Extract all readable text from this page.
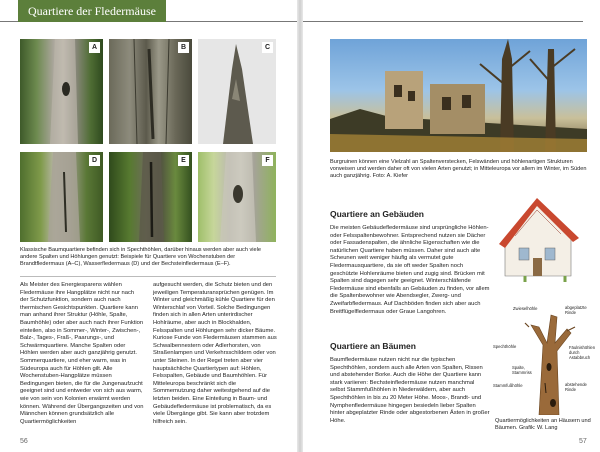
Quartiere der Fledermäuse
A	B	C
D	E	F
Klassische Baumquartiere befinden sich in Spechthöhlen, darüber hinaus werden aber auch viele andere Spalten und Höhlungen genutzt: Beispiele für Quartiere von Wochenstuben der Brandtfledermaus (A–C), Wasserfledermaus (D) und der Bechsteinfledermaus (E–F).
Als Meister des Energiesparens wählen Fledermäuse ihre Hangplätze nicht nur nach der Schutzfunktion, sondern auch nach thermischen Gesichtspunkten. Quartiere kann man anhand ihrer Struktur (Höhle, Spalte, Baumhöhle) oder aber auch nach ihrer Funktion einteilen, also in Sommer-, Winter-, Zwischen-, Balz-, Tages-, Fraß-, Paarungs-, und Schwärmquartiere. Manche Spalten oder Höhlen werden aber auch ganzjährig genutzt. Sommerquartiere, und eher warm, was in Südeuropa auch für Höhlen gilt. Alle Wochenstuben-Hangplätze müssen Bedingungen bieten, die für die Jungenaufzucht geeignet sind und entweder von sich aus warm, wie von sein von Kolonien erwärmt werden können. Während der Übergangszeiten und von Männchen können grundsätzlich alle Quartiermöglichkeiten
aufgesucht werden, die Schutz bieten und den jeweiligen Temperaturansprüchen genügen. Im Winter und gleichmäßig kühle Quartiere für den Winterschlaf von Vorteil. Solche Bedingungen finden sich in allen Arten unterirdischer Hohlräume, aber auch in Blockhalden, Felsspalten und Höhlungen sehr dicker Bäume. Kuriose Funde von Fledermäusen stammen aus Schwalbennestern oder Adlerhorsten, von Straßenlampen und Verkehrsschildern oder von unter Steinen. In der Regel treten aber vier hauptsächliche Quartiertypen auf: Höhlen, Felsspalten, Gebäude und Baumhöhlen. Für Mitteleuropa beschränkt sich die Sommernutzung daher weitestgehend auf die letzten beiden. Eine Einteilung in Baum- und Gebäudefledermäuse ist problematisch, da es viele Übergänge gibt. Sie kann aber trotzdem hilfreich sein.
56
Burgruinen können eine Vielzahl an Spaltenverstecken, Felswänden und höhlenartigen Strukturen vorweisen und werden daher oft von vielen Arten genutzt; in Mitteleuropa vor allem im Winter, im Süden auch ganzjährig. Foto: A. Kiefer
Quartiere an Gebäuden
Die meisten Gebäudefledermäuse sind ursprüngliche Höhlen- oder Felsspaltenbewohner. Entsprechend nutzen sie Dächer oder Fassadenspalten, die ähnliche Eigenschaften wie die natürlichen Quartiere haben müssen. Daher sind auch alte Scheunen weit weniger häufig als vermutet gute Fledermausquartiere, da sie oft weder Spalten noch geschützte Hohlenräume bieten und zugig sind. Brücken mit Spalten sind dagegen sehr geeignet. Winterschläfende Fledermäuse sind ebenfalls an Gebäuden zu finden, vor allem die Spaltenbewohner wie Abendsegler, Zwerg- und Zweifarbfledermaus. Auf Dachböden finden sich aber auch Breitflügelfledermaus oder Graue Langohren.
Quartiere an Bäumen
Baumfledermäuse nutzen nicht nur die typischen Spechthöhlen, sondern auch alle Arten von Spalten, Rissen und abstehender Borke. Auch die Höhe der Quartiere kann stark variieren: Bechsteinfledermäuse nutzen manchmal selbst Stammfußhöhlen in Niederwäldern, aber auch Spechthöhlen in bis zu 20 Meter Höhe. Moos-, Brandt- und Nymphenfledermäuse hingegen besiedeln lieber Spalten hinter abgeplatzter Rinde oder abgestorbenen Ästen in großer Höhe.
Zwieselhöhle	abgeplatzte Rinde
Spechthöhle
Spalte, Stammriss
Fäulnishöhlen durch Astabbruch
Stammfußhöhle	abstehende Rinde
Quartiermöglichkeiten an Häusern und Bäumen. Grafik: W. Lang
57
